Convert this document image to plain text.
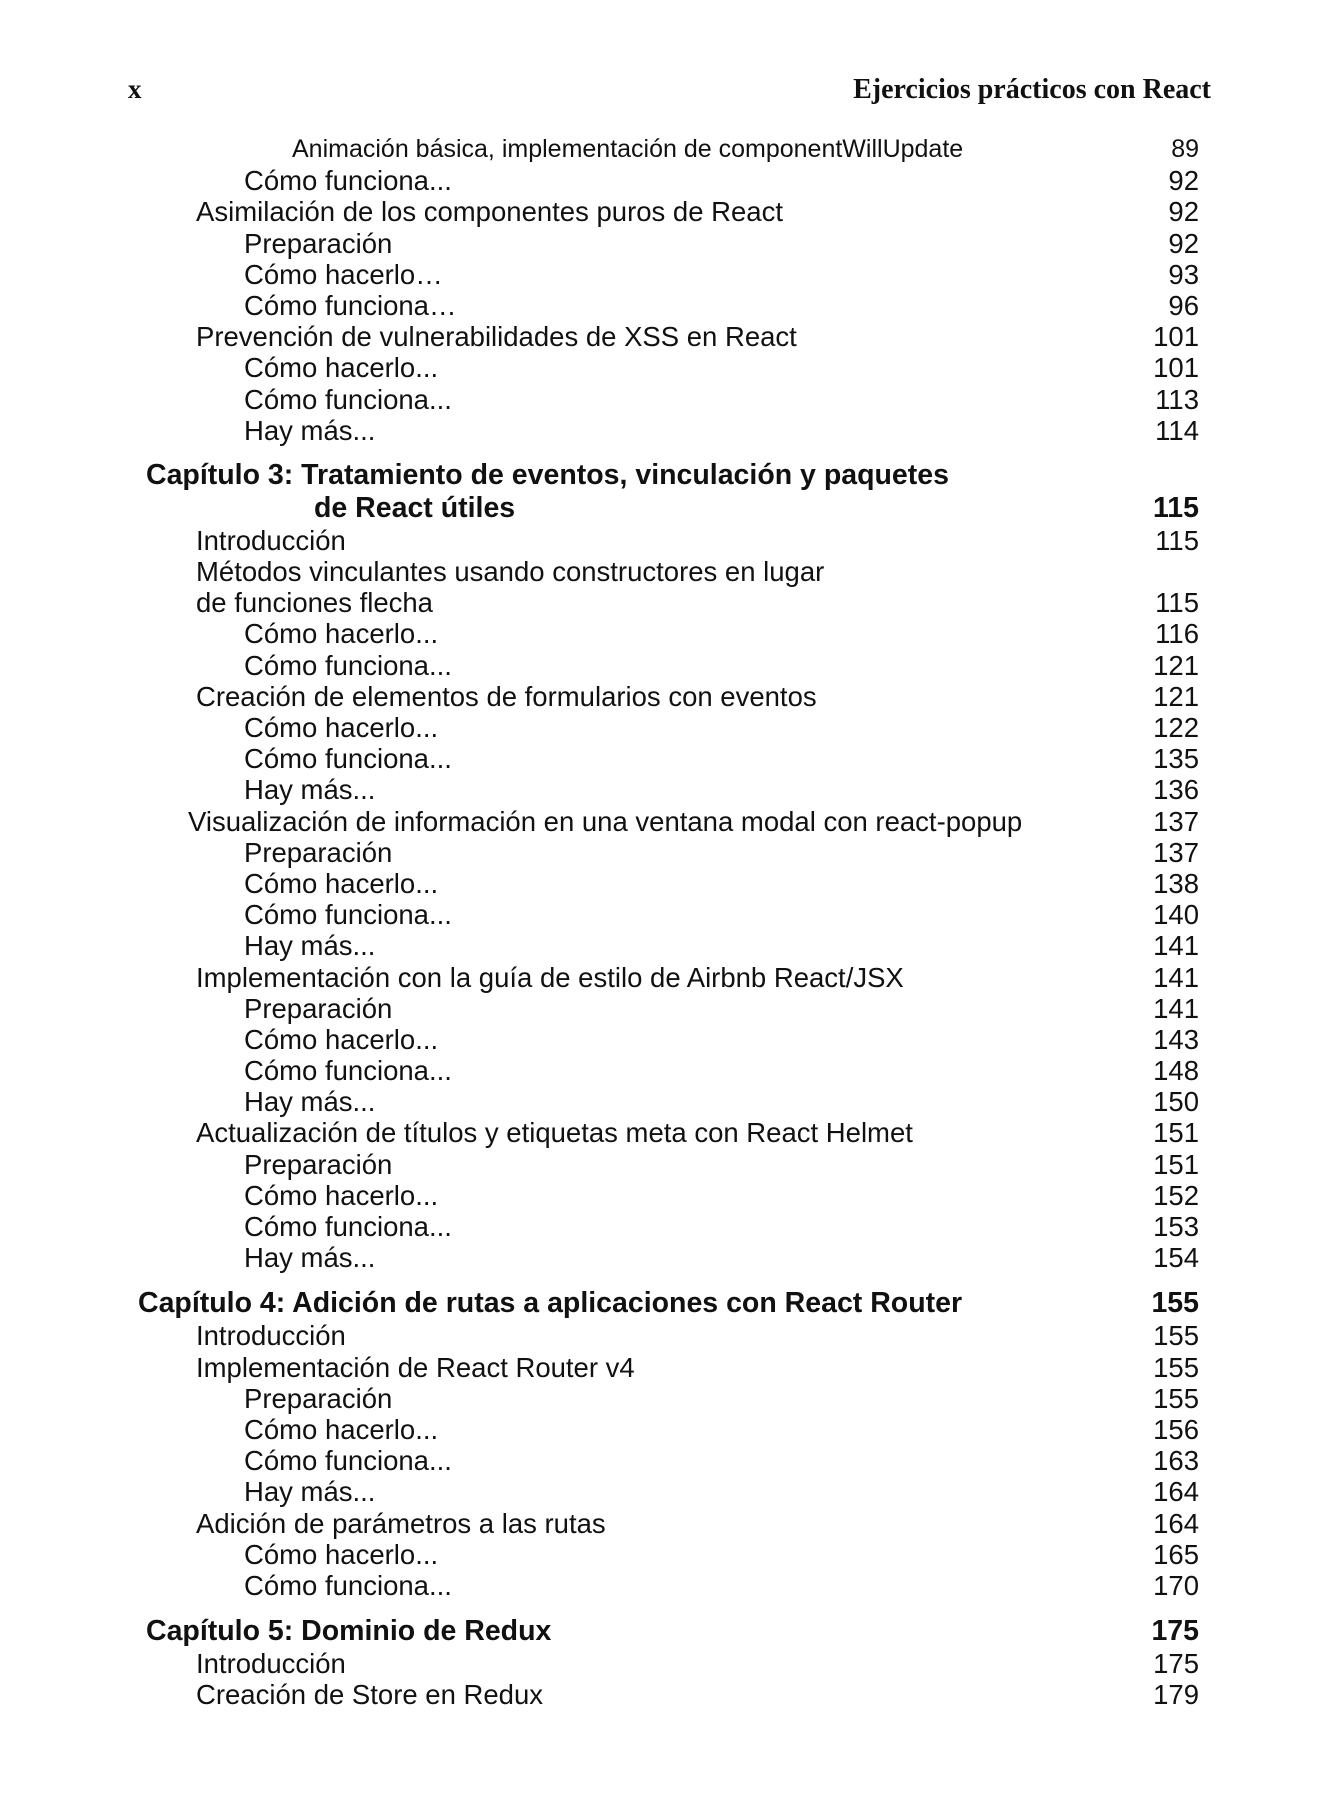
x	Ejercicios prácticos con React
Animación básica, implementación de componentWillUpdate	89
Cómo funciona...	92
Asimilación de los componentes puros de React	92
Preparación	92
Cómo hacerlo…	93
Cómo funciona…	96
Prevención de vulnerabilidades de XSS en React	101
Cómo hacerlo...	101
Cómo funciona...	113
Hay más...	114
Capítulo 3: Tratamiento de eventos, vinculación y paquetes
de React útiles	115
Introducción	115
Métodos vinculantes usando constructores en lugar
de funciones flecha	115
Cómo hacerlo...	116
Cómo funciona...	121
Creación de elementos de formularios con eventos	121
Cómo hacerlo...	122
Cómo funciona...	135
Hay más...	136
Visualización de información en una ventana modal con react-popup	137
Preparación	137
Cómo hacerlo...	138
Cómo funciona...	140
Hay más...	141
Implementación con la guía de estilo de Airbnb React/JSX	141
Preparación	141
Cómo hacerlo...	143
Cómo funciona...	148
Hay más...	150
Actualización de títulos y etiquetas meta con React Helmet	151
Preparación	151
Cómo hacerlo...	152
Cómo funciona...	153
Hay más...	154
Capítulo 4: Adición de rutas a aplicaciones con React Router	155
Introducción	155
Implementación de React Router v4	155
Preparación	155
Cómo hacerlo...	156
Cómo funciona...	163
Hay más...	164
Adición de parámetros a las rutas	164
Cómo hacerlo...	165
Cómo funciona...	170
Capítulo 5: Dominio de Redux	175
Introducción	175
Creación de Store en Redux	179
